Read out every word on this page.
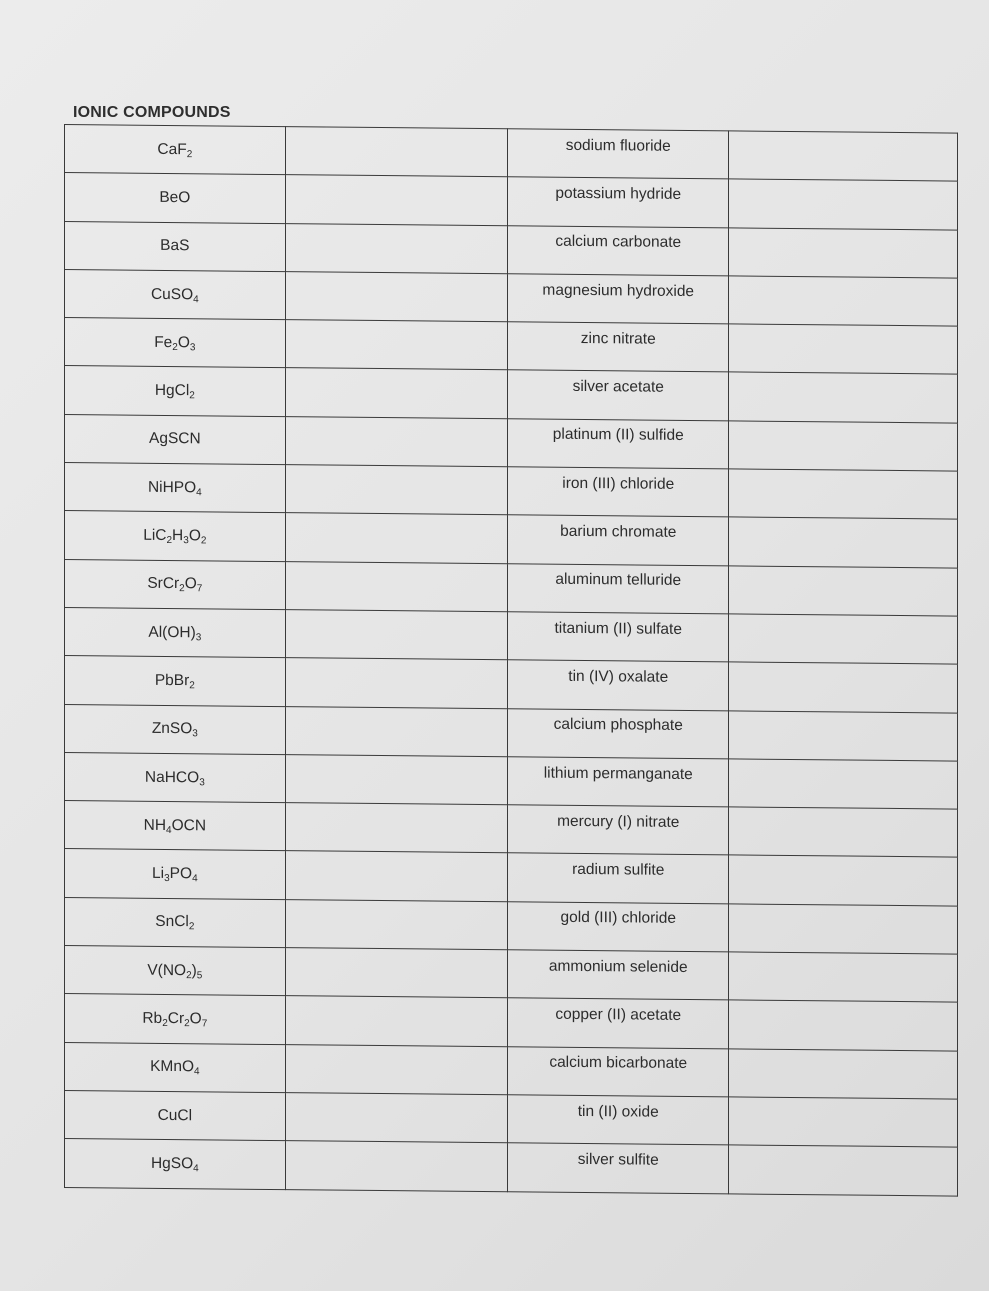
IONIC COMPOUNDS
CaF$_2$		sodium fluoride	
BeO		potassium hydride	
BaS		calcium carbonate	
CuSO$_4$		magnesium hydroxide	
$Fe_2O_3$		zinc nitrate	
HgCl$_2$		silver acetate	
AgSCN		platinum (II) sulfide	
NiHPO$_4$		iron (III) chloride	
$LiC_2H_3O_2$		barium chromate	
$SrCr_2O_7$		aluminum telluride	
$Al(OH)_3$		titanium (II) sulfate	
PbBr$_2$		tin (IV) oxalate	
ZnSO$_3$		calcium phosphate	
NaHCO$_3$		lithium permanganate	
$NH_4OCN$		mercury (I) nitrate	
$Li_3PO_4$		radium sulfite	
SnCl$_2$		gold (III) chloride	
$V(NO_2)_5$		ammonium selenide	
$Rb_2Cr_2O_7$		copper (II) acetate	
KMnO$_4$		calcium bicarbonate	
CuCl		tin (II) oxide	
HgSO$_4$		silver sulfite	
